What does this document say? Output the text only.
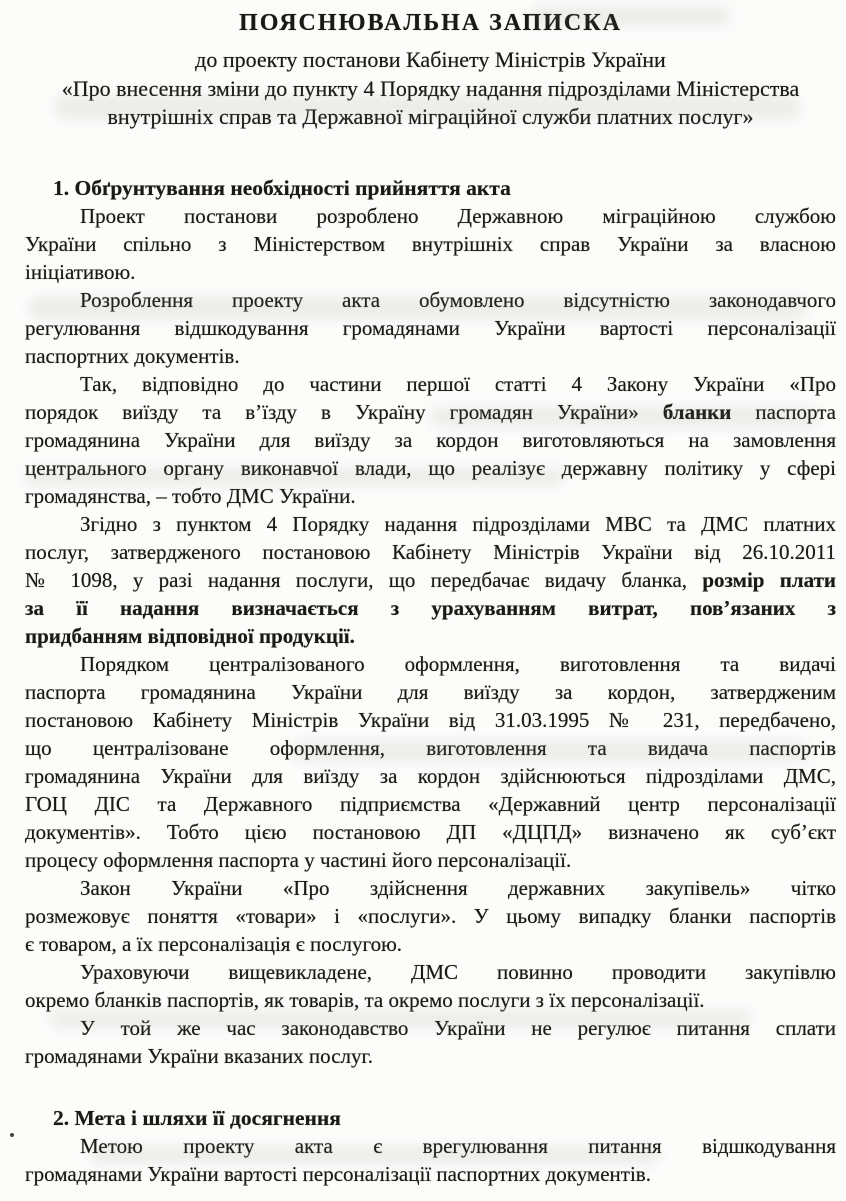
ПОЯСНЮВАЛЬНА ЗАПИСКА
до проекту постанови Кабінету Міністрів України
«Про внесення зміни до пункту 4 Порядку надання підрозділами Міністерства
внутрішніх справ та Державної міграційної служби платних послуг»
1. Обґрунтування необхідності прийняття акта
Проект постанови розроблено Державною міграційною службою
України спільно з Міністерством внутрішніх справ України за власною
ініціативою.
Розроблення проекту акта обумовлено відсутністю законодавчого
регулювання відшкодування громадянами України вартості персоналізації
паспортних документів.
Так, відповідно до частини першої статті 4 Закону України «Про
порядок виїзду та в’їзду в Україну громадян України» бланки паспорта
громадянина України для виїзду за кордон виготовляються на замовлення
центрального органу виконавчої влади, що реалізує державну політику у сфері
громадянства, – тобто ДМС України.
Згідно з пунктом 4 Порядку надання підрозділами МВС та ДМС платних
послуг, затвердженого постановою Кабінету Міністрів України від 26.10.2011
№ 1098, у разі надання послуги, що передбачає видачу бланка, розмір плати
за її надання визначається з урахуванням витрат, пов’язаних з
придбанням відповідної продукції.
Порядком централізованого оформлення, виготовлення та видачі
паспорта громадянина України для виїзду за кордон, затвердженим
постановою Кабінету Міністрів України від 31.03.1995 № 231, передбачено,
що централізоване оформлення, виготовлення та видача паспортів
громадянина України для виїзду за кордон здійснюються підрозділами ДМС,
ГОЦ ДІС та Державного підприємства «Державний центр персоналізації
документів». Тобто цією постановою ДП «ДЦПД» визначено як суб’єкт
процесу оформлення паспорта у частині його персоналізації.
Закон України «Про здійснення державних закупівель» чітко
розмежовує поняття «товари» і «послуги». У цьому випадку бланки паспортів
є товаром, а їх персоналізація є послугою.
Ураховуючи вищевикладене, ДМС повинно проводити закупівлю
окремо бланків паспортів, як товарів, та окремо послуги з їх персоналізації.
У той же час законодавство України не регулює питання сплати
громадянами України вказаних послуг.
2. Мета і шляхи її досягнення
Метою проекту акта є врегулювання питання відшкодування
громадянами України вартості персоналізації паспортних документів.
